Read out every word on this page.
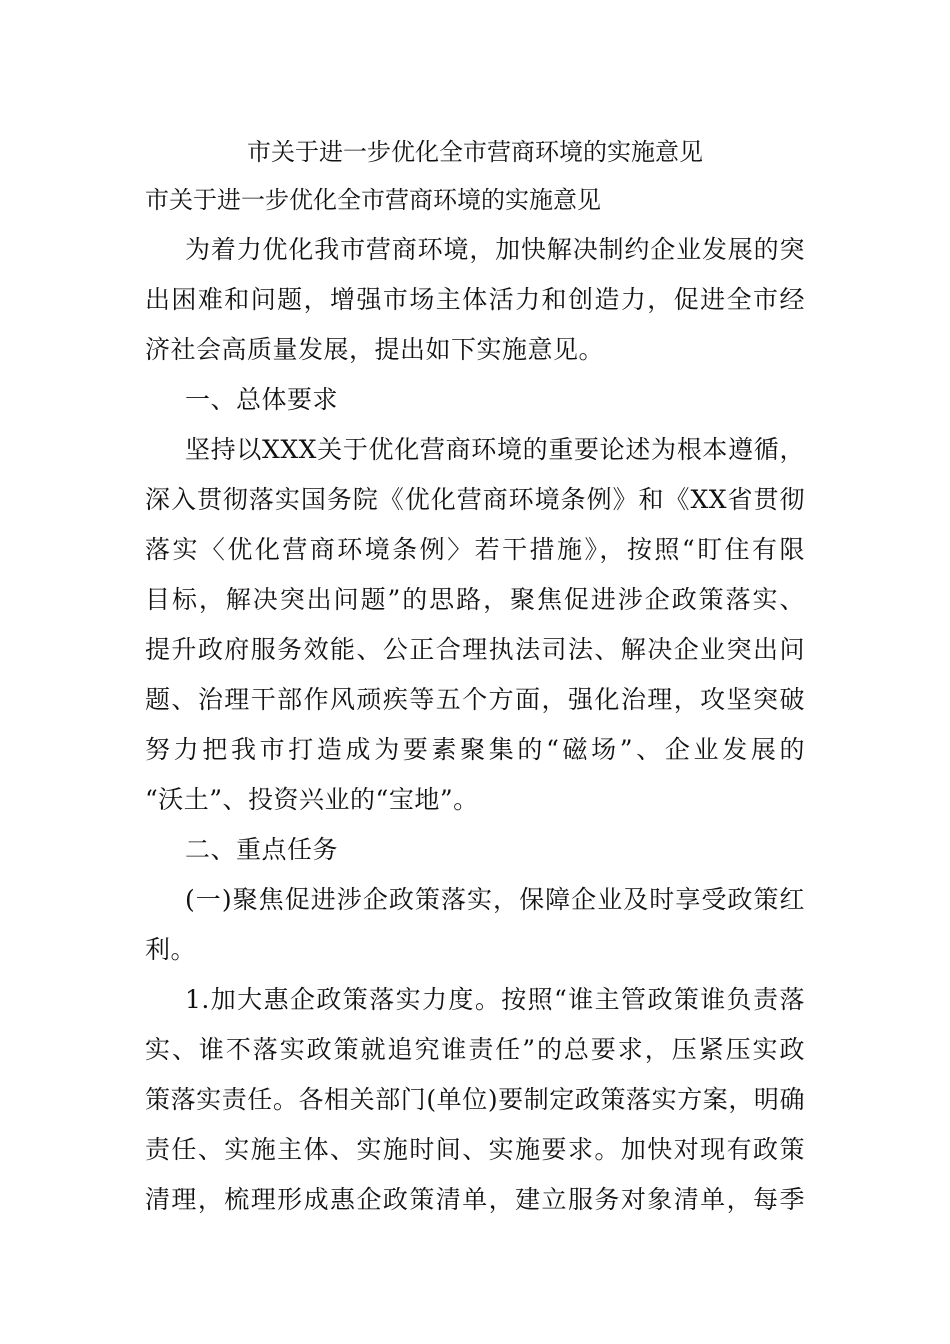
市关于进一步优化全市营商环境的实施意见
市关于进一步优化全市营商环境的实施意见
为着力优化我市营商环境，加快解决制约企业发展的突
出困难和问题，增强市场主体活力和创造力，促进全市经
济社会高质量发展，提出如下实施意见。
一、总体要求
坚持以XXX关于优化营商环境的重要论述为根本遵循，
深入贯彻落实国务院《优化营商环境条例》和《XX省贯彻
落实〈优化营商环境条例〉若干措施》，按照“盯住有限
目标，解决突出问题”的思路，聚焦促进涉企政策落实、
提升政府服务效能、公正合理执法司法、解决企业突出问
题、治理干部作风顽疾等五个方面，强化治理，攻坚突破
努力把我市打造成为要素聚集的“磁场”、企业发展的
“沃土”、投资兴业的“宝地”。
二、重点任务
(一)聚焦促进涉企政策落实，保障企业及时享受政策红
利。
1.加大惠企政策落实力度。按照“谁主管政策谁负责落
实、谁不落实政策就追究谁责任”的总要求，压紧压实政
策落实责任。各相关部门(单位)要制定政策落实方案，明确
责任、实施主体、实施时间、实施要求。加快对现有政策
清理，梳理形成惠企政策清单，建立服务对象清单，每季
